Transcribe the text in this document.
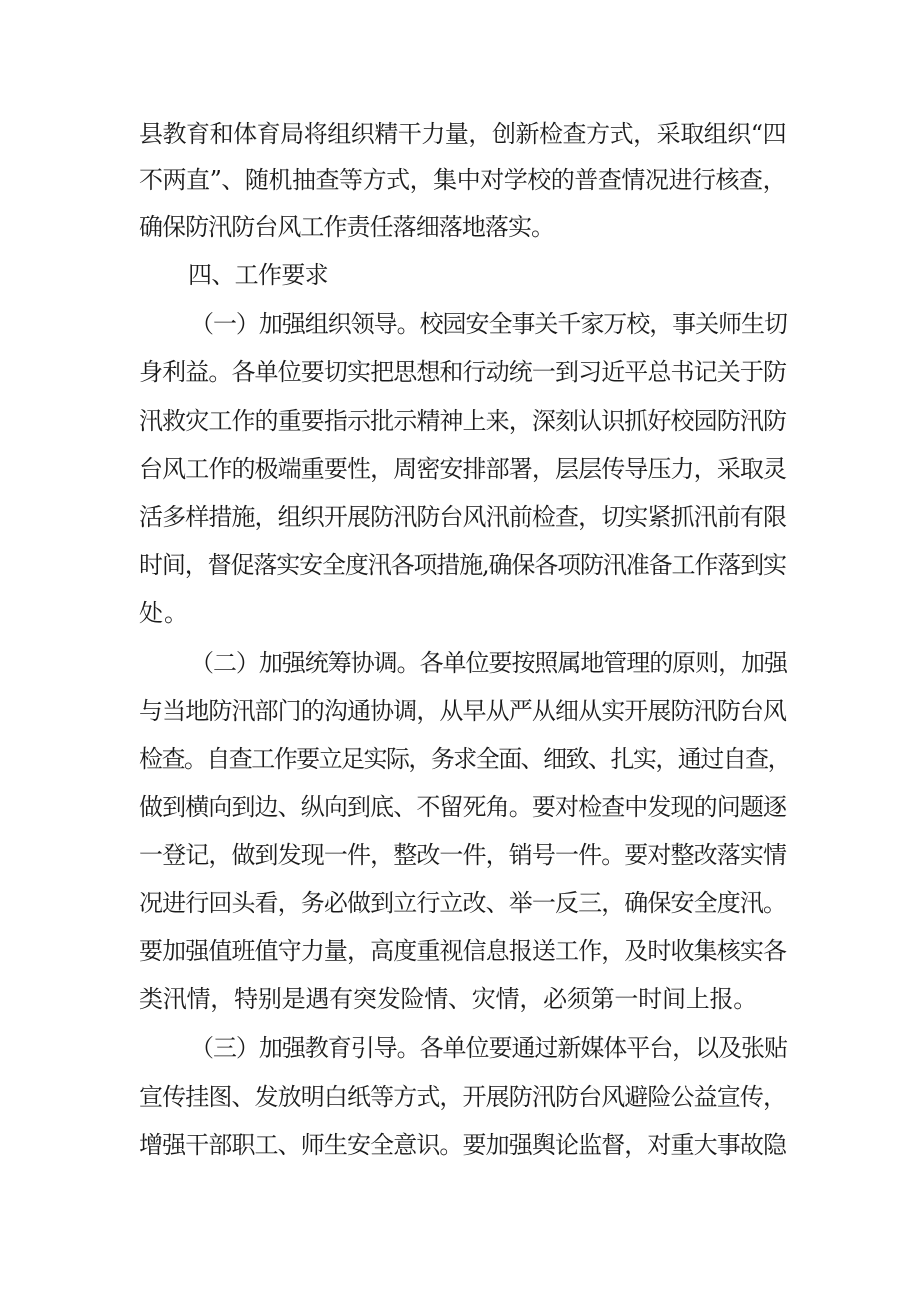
县教育和体育局将组织精干力量，创新检查方式，采取组织“四
不两直”、随机抽查等方式，集中对学校的普查情况进行核查，
确保防汛防台风工作责任落细落地落实。
四、工作要求
（一）加强组织领导。校园安全事关千家万校，事关师生切
身利益。各单位要切实把思想和行动统一到习近平总书记关于防
汛救灾工作的重要指示批示精神上来，深刻认识抓好校园防汛防
台风工作的极端重要性，周密安排部署，层层传导压力，采取灵
活多样措施，组织开展防汛防台风汛前检查，切实紧抓汛前有限
时间，督促落实安全度汛各项措施,确保各项防汛准备工作落到实
处。
（二）加强统筹协调。各单位要按照属地管理的原则，加强
与当地防汛部门的沟通协调，从早从严从细从实开展防汛防台风
检查。自查工作要立足实际，务求全面、细致、扎实，通过自查，
做到横向到边、纵向到底、不留死角。要对检查中发现的问题逐
一登记，做到发现一件，整改一件，销号一件。要对整改落实情
况进行回头看，务必做到立行立改、举一反三，确保安全度汛。
要加强值班值守力量，高度重视信息报送工作，及时收集核实各
类汛情，特别是遇有突发险情、灾情，必须第一时间上报。
（三）加强教育引导。各单位要通过新媒体平台，以及张贴
宣传挂图、发放明白纸等方式，开展防汛防台风避险公益宣传，
增强干部职工、师生安全意识。要加强舆论监督，对重大事故隐
